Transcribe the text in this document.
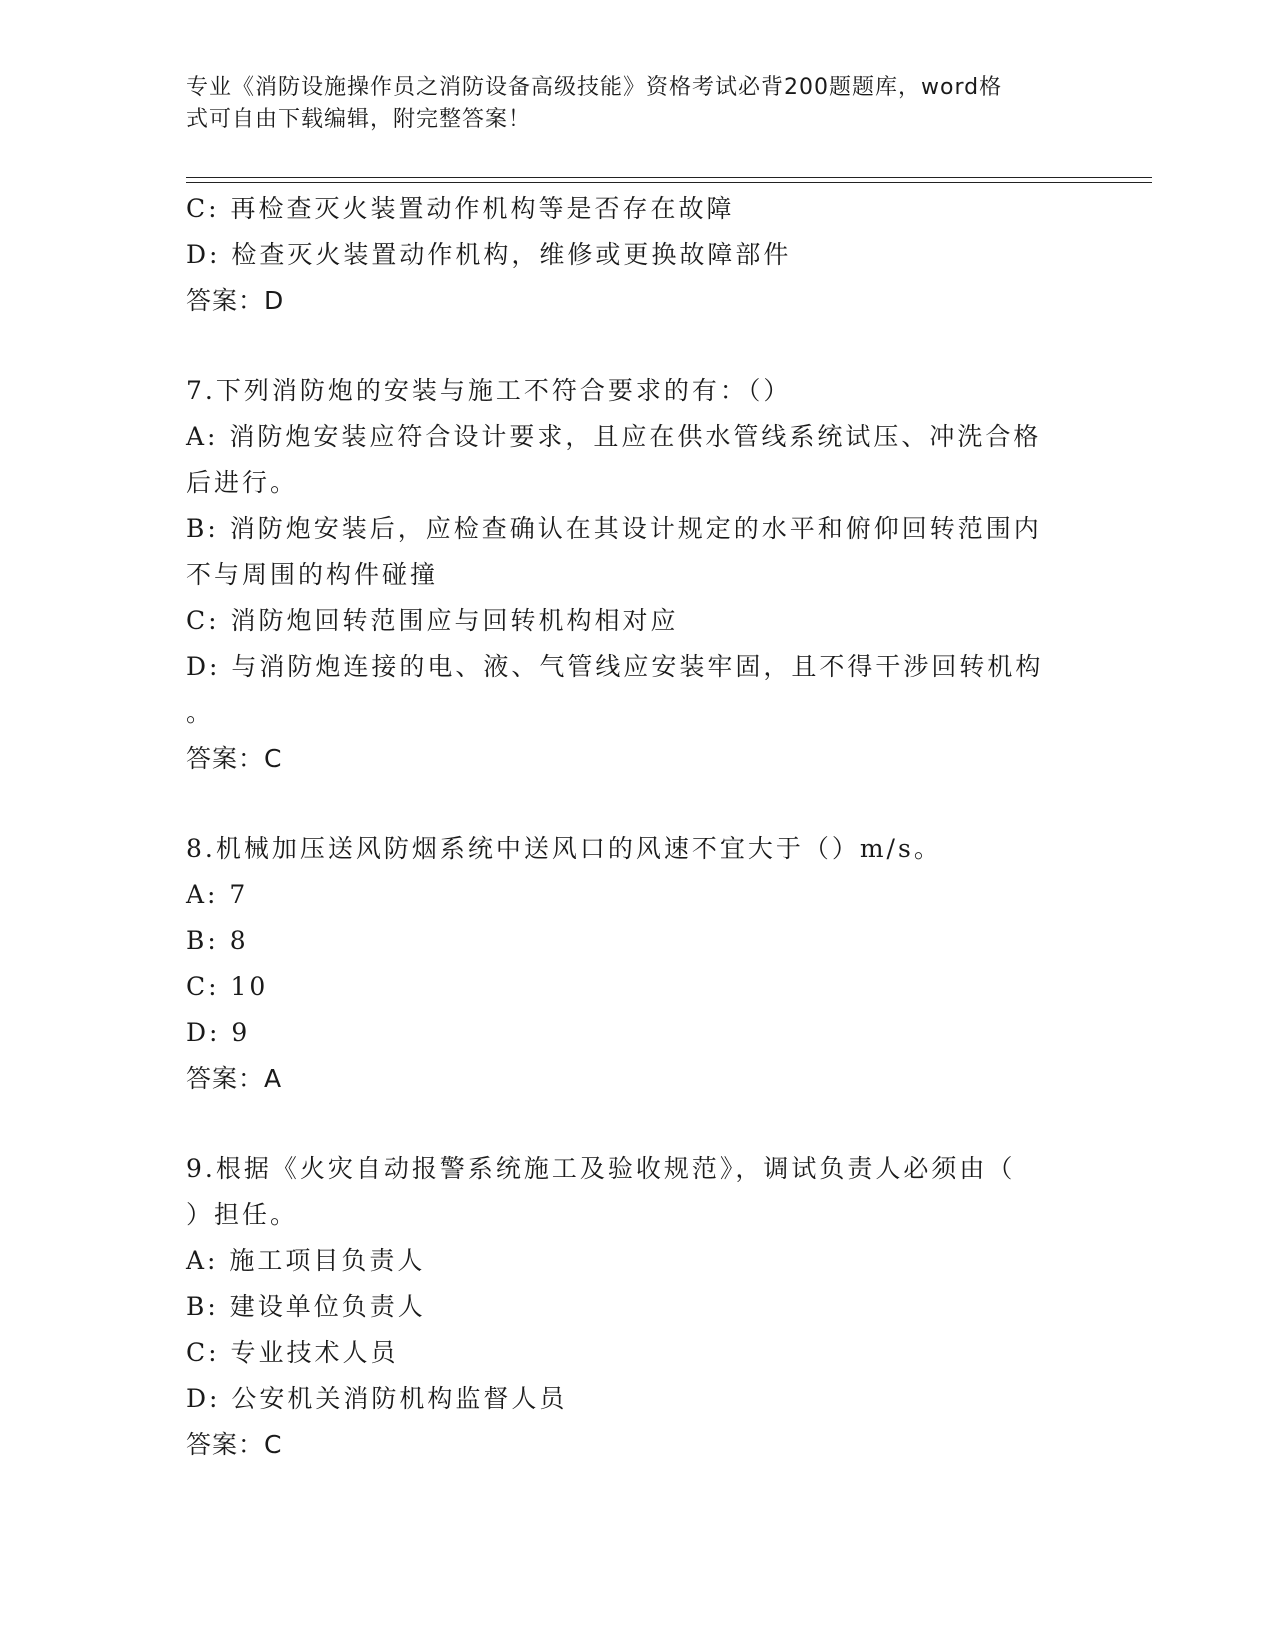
专业《消防设施操作员之消防设备高级技能》资格考试必背200题题库，word格
式可自由下载编辑，附完整答案！

C: 再检查灭火装置动作机构等是否存在故障

D: 检查灭火装置动作机构，维修或更换故障部件

答案：D

7.下列消防炮的安装与施工不符合要求的有：（）

A: 消防炮安装应符合设计要求，且应在供水管线系统试压、冲洗合格

后进行。

B: 消防炮安装后，应检查确认在其设计规定的水平和俯仰回转范围内

不与周围的构件碰撞

C: 消防炮回转范围应与回转机构相对应

D: 与消防炮连接的电、液、气管线应安装牢固，且不得干涉回转机构

。

答案：C

8.机械加压送风防烟系统中送风口的风速不宜大于（）m/s。

A: 7

B: 8

C: 10

D: 9

答案：A

9.根据《火灾自动报警系统施工及验收规范》，调试负责人必须由（

）担任。

A: 施工项目负责人

B: 建设单位负责人

C: 专业技术人员

D: 公安机关消防机构监督人员

答案：C
